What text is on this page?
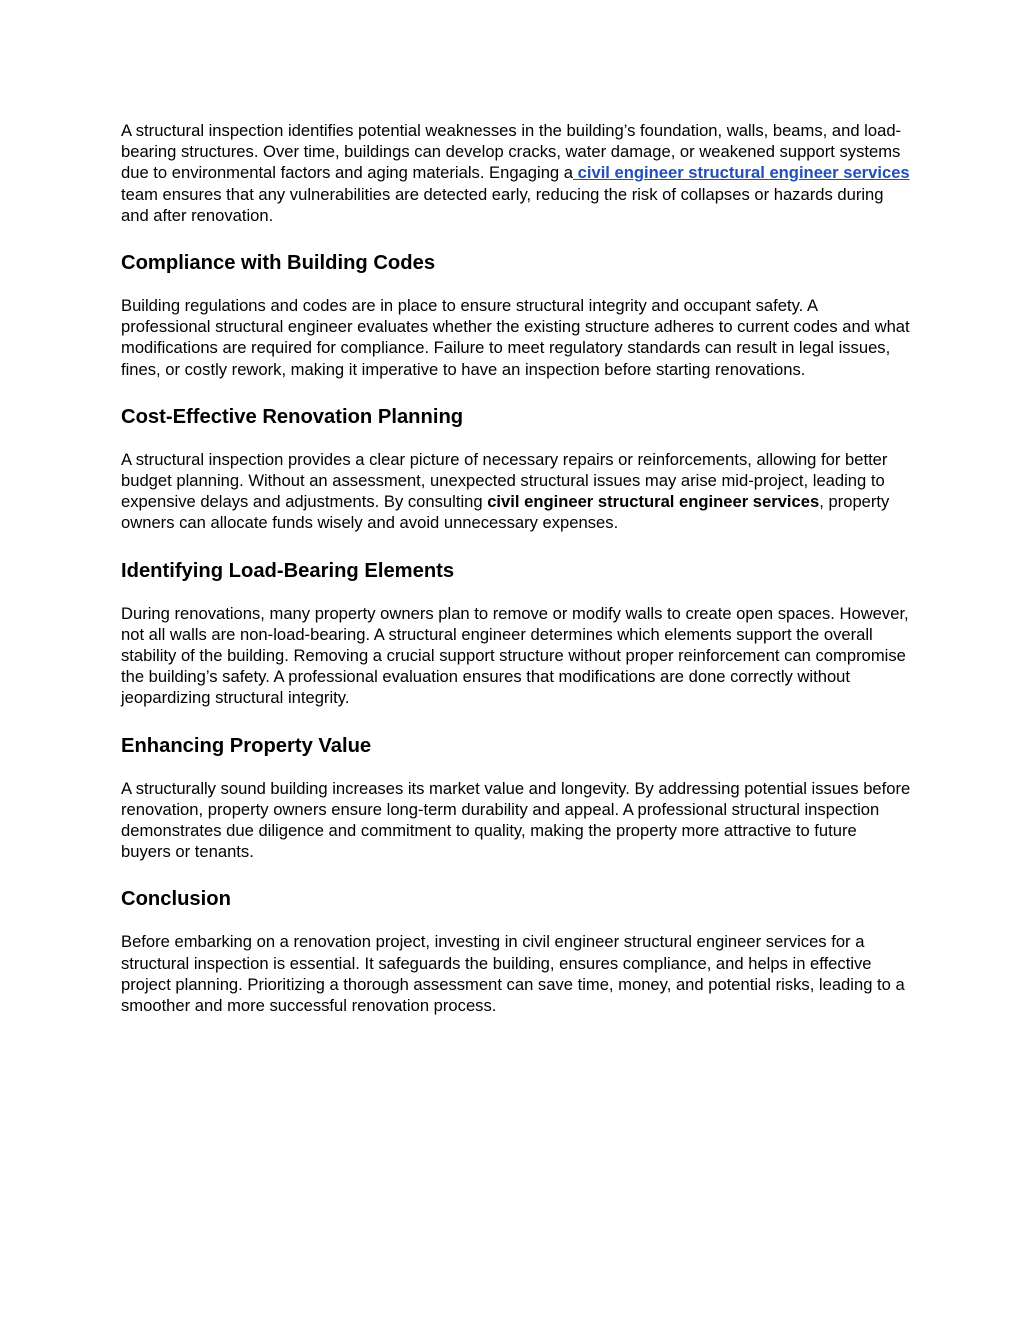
A structural inspection identifies potential weaknesses in the building’s foundation, walls, beams, and load-bearing structures. Over time, buildings can develop cracks, water damage, or weakened support systems due to environmental factors and aging materials. Engaging a civil engineer structural engineer services team ensures that any vulnerabilities are detected early, reducing the risk of collapses or hazards during and after renovation.

Compliance with Building Codes

Building regulations and codes are in place to ensure structural integrity and occupant safety. A professional structural engineer evaluates whether the existing structure adheres to current codes and what modifications are required for compliance. Failure to meet regulatory standards can result in legal issues, fines, or costly rework, making it imperative to have an inspection before starting renovations.

Cost-Effective Renovation Planning

A structural inspection provides a clear picture of necessary repairs or reinforcements, allowing for better budget planning. Without an assessment, unexpected structural issues may arise mid-project, leading to expensive delays and adjustments. By consulting civil engineer structural engineer services, property owners can allocate funds wisely and avoid unnecessary expenses.

Identifying Load-Bearing Elements

During renovations, many property owners plan to remove or modify walls to create open spaces. However, not all walls are non-load-bearing. A structural engineer determines which elements support the overall stability of the building. Removing a crucial support structure without proper reinforcement can compromise the building’s safety. A professional evaluation ensures that modifications are done correctly without jeopardizing structural integrity.

Enhancing Property Value

A structurally sound building increases its market value and longevity. By addressing potential issues before renovation, property owners ensure long-term durability and appeal. A professional structural inspection demonstrates due diligence and commitment to quality, making the property more attractive to future buyers or tenants.

Conclusion

Before embarking on a renovation project, investing in civil engineer structural engineer services for a structural inspection is essential. It safeguards the building, ensures compliance, and helps in effective project planning. Prioritizing a thorough assessment can save time, money, and potential risks, leading to a smoother and more successful renovation process.
